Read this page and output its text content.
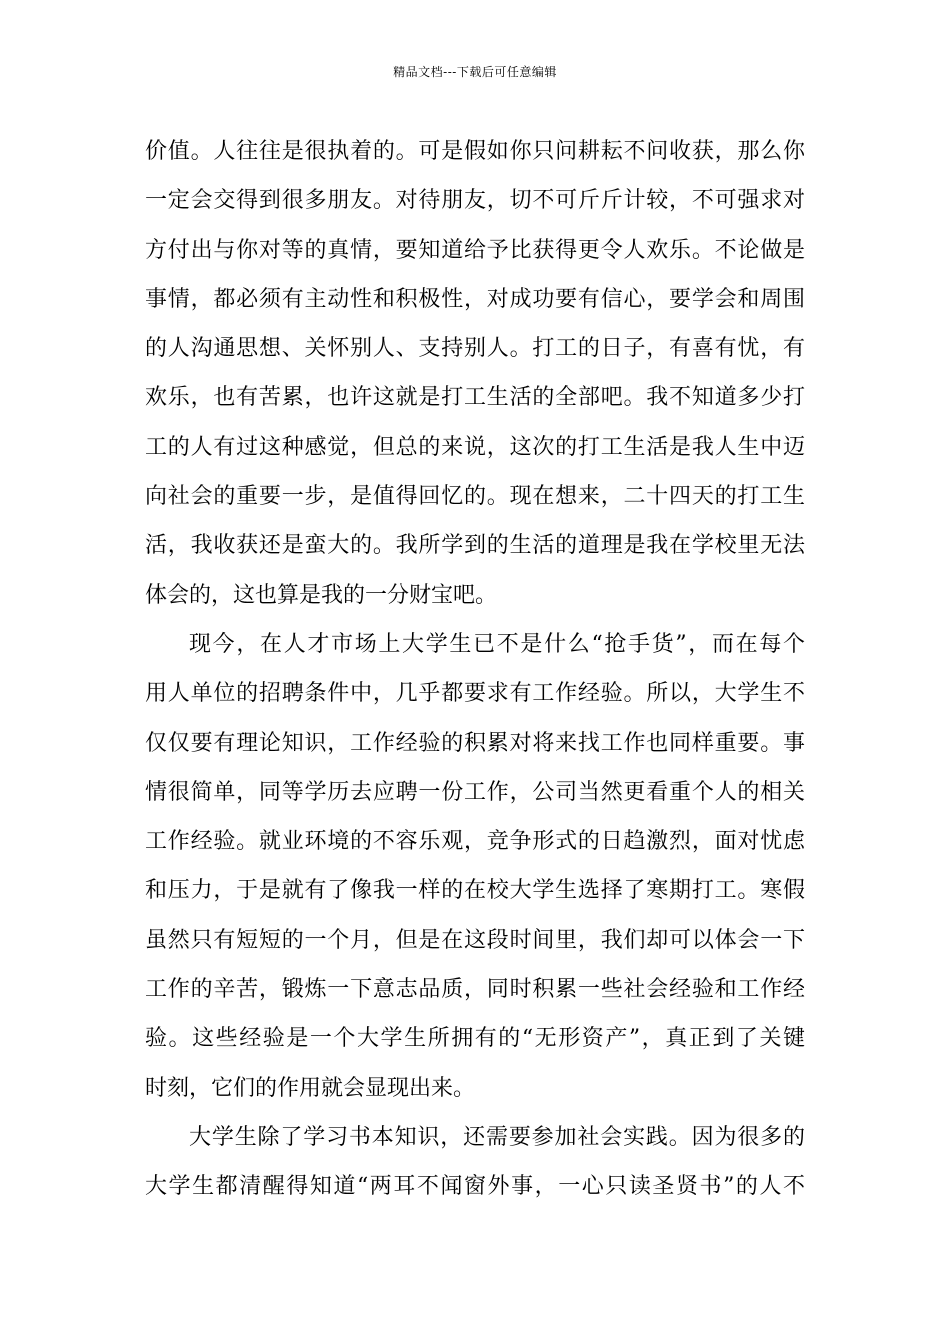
精品文档---下载后可任意编辑
价值。人往往是很执着的。可是假如你只问耕耘不问收获，那么你
一定会交得到很多朋友。对待朋友，切不可斤斤计较，不可强求对
方付出与你对等的真情，要知道给予比获得更令人欢乐。不论做是
事情，都必须有主动性和积极性，对成功要有信心，要学会和周围
的人沟通思想、关怀别人、支持别人。打工的日子，有喜有忧，有
欢乐，也有苦累，也许这就是打工生活的全部吧。我不知道多少打
工的人有过这种感觉，但总的来说，这次的打工生活是我人生中迈
向社会的重要一步，是值得回忆的。现在想来，二十四天的打工生
活，我收获还是蛮大的。我所学到的生活的道理是我在学校里无法
体会的，这也算是我的一分财宝吧。
现今，在人才市场上大学生已不是什么“抢手货”，而在每个
用人单位的招聘条件中，几乎都要求有工作经验。所以，大学生不
仅仅要有理论知识，工作经验的积累对将来找工作也同样重要。事
情很简单，同等学历去应聘一份工作，公司当然更看重个人的相关
工作经验。就业环境的不容乐观，竞争形式的日趋激烈，面对忧虑
和压力，于是就有了像我一样的在校大学生选择了寒期打工。寒假
虽然只有短短的一个月，但是在这段时间里，我们却可以体会一下
工作的辛苦，锻炼一下意志品质，同时积累一些社会经验和工作经
验。这些经验是一个大学生所拥有的“无形资产”，真正到了关键
时刻，它们的作用就会显现出来。
大学生除了学习书本知识，还需要参加社会实践。因为很多的
大学生都清醒得知道“两耳不闻窗外事，一心只读圣贤书”的人不
